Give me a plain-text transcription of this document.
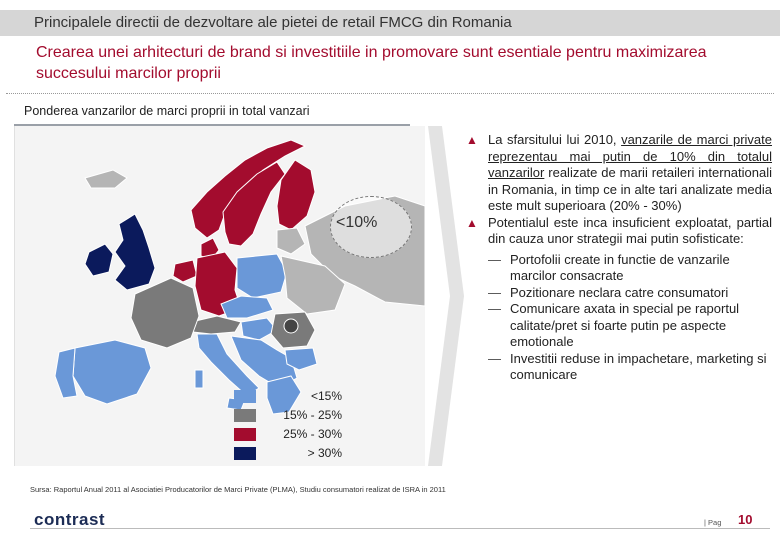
Principalele directii de dezvoltare ale pietei de retail FMCG din Romania
Crearea unei arhitecturi de brand si investitiile in promovare sunt esentiale pentru maximizarea succesului marcilor proprii
Ponderea vanzarilor de marci proprii in total vanzari
<10%
<15%
15% - 25%
25% - 30%
> 30%
▲ La sfarsitului lui 2010, vanzarile de marci private reprezentau mai putin de 10% din totalul vanzarilor realizate de marii retaileri internationali in Romania, in timp ce in alte tari analizate media este mult superioara (20% - 30%)
▲ Potentialul este inca insuficient exploatat, partial din cauza unor strategii mai putin sofisticate:
— Portofolii create in functie de vanzarile marcilor consacrate
— Pozitionare neclara catre consumatori
— Comunicare axata in special pe raportul calitate/pret si foarte putin pe aspecte emotionale
— Investitii reduse in impachetare, marketing si comunicare
Sursa: Raportul Anual 2011 al Asociatiei Producatorilor de Marci Private (PLMA), Studiu consumatori realizat de ISRA in 2011
contrast	| Pag 10
